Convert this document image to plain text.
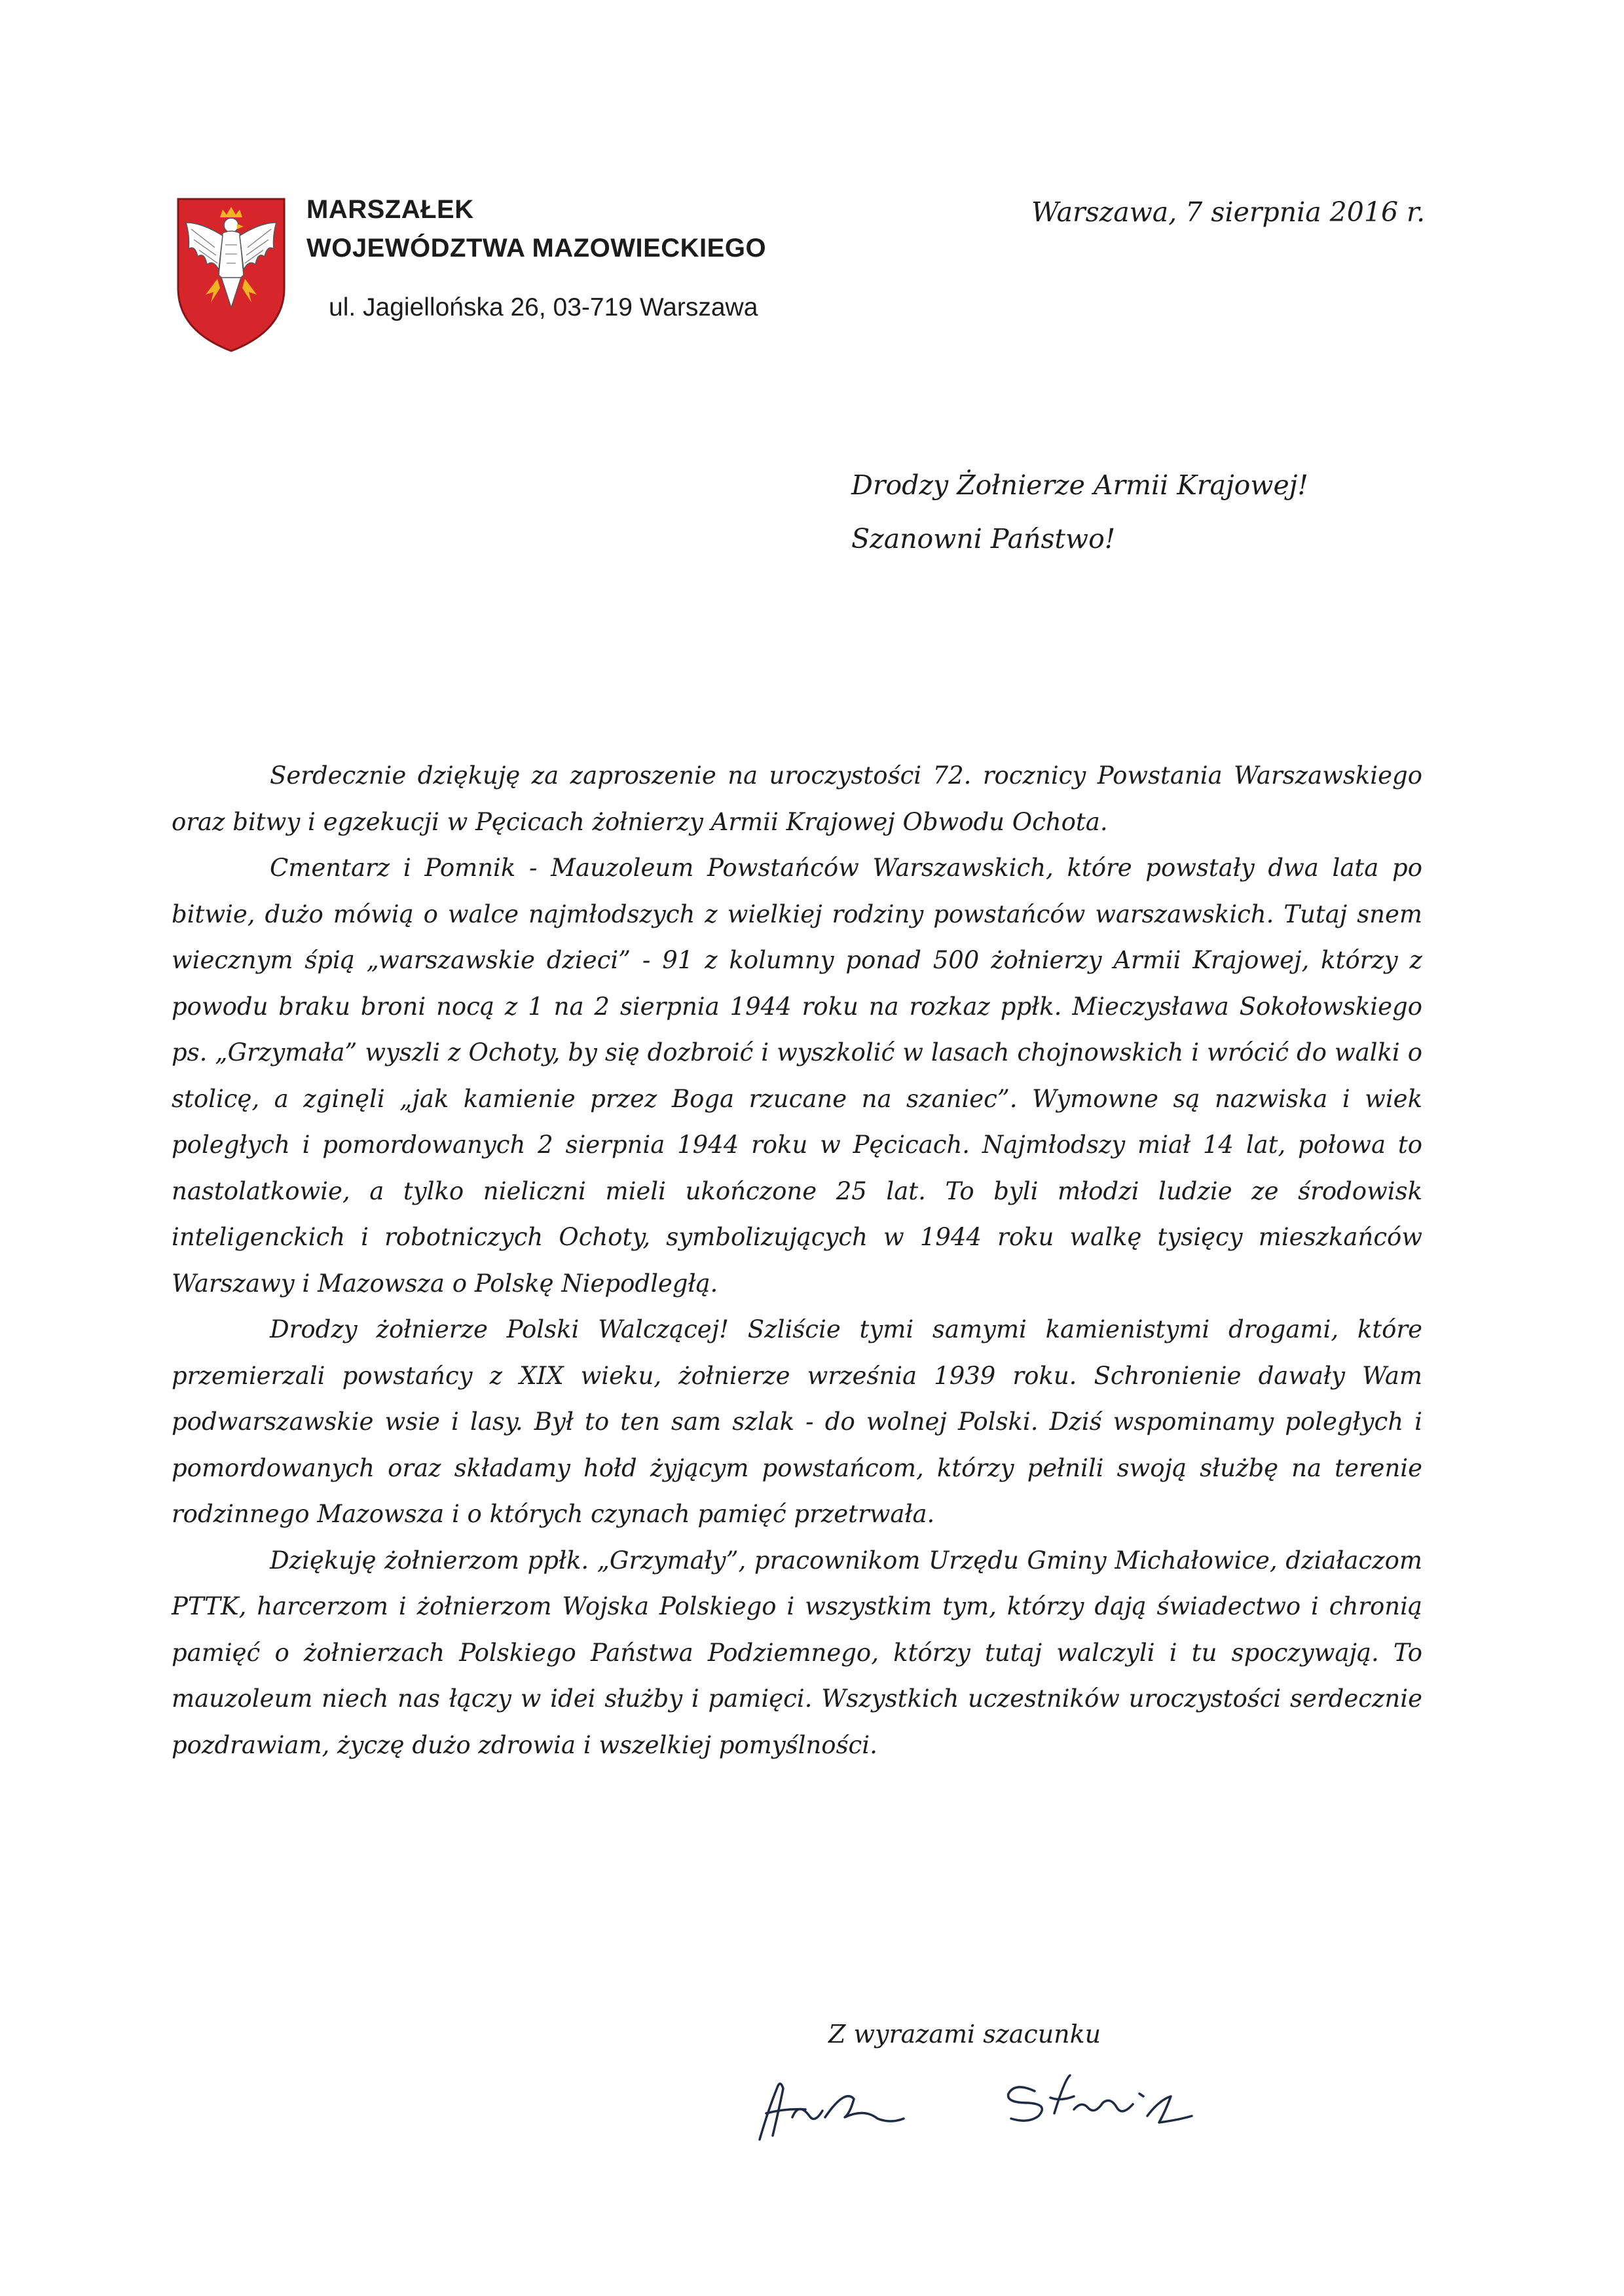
MARSZAŁEK
WOJEWÓDZTWA MAZOWIECKIEGO
ul. Jagiellońska 26, 03-719 Warszawa
Warszawa, 7 sierpnia 2016 r.
Drodzy Żołnierze Armii Krajowej!
Szanowni Państwo!

Serdecznie dziękuję za zaproszenie na uroczystości 72. rocznicy Powstania Warszawskiego oraz bitwy i egzekucji w Pęcicach żołnierzy Armii Krajowej Obwodu Ochota.

Cmentarz i Pomnik - Mauzoleum Powstańców Warszawskich, które powstały dwa lata po bitwie, dużo mówią o walce najmłodszych z wielkiej rodziny powstańców warszawskich. Tutaj snem wiecznym śpią „warszawskie dzieci” - 91 z kolumny ponad 500 żołnierzy Armii Krajowej, którzy z powodu braku broni nocą z 1 na 2 sierpnia 1944 roku na rozkaz ppłk. Mieczysława Sokołowskiego ps. „Grzymała” wyszli z Ochoty, by się dozbroić i wyszkolić w lasach chojnowskich i wrócić do walki o stolicę, a zginęli „jak kamienie przez Boga rzucane na szaniec”. Wymowne są nazwiska i wiek poległych i pomordowanych 2 sierpnia 1944 roku w Pęcicach. Najmłodszy miał 14 lat, połowa to nastolatkowie, a tylko nieliczni mieli ukończone 25 lat. To byli młodzi ludzie ze środowisk inteligenckich i robotniczych Ochoty, symbolizujących w 1944 roku walkę tysięcy mieszkańców Warszawy i Mazowsza o Polskę Niepodległą.

Drodzy żołnierze Polski Walczącej! Szliście tymi samymi kamienistymi drogami, które przemierzali powstańcy z XIX wieku, żołnierze września 1939 roku. Schronienie dawały Wam podwarszawskie wsie i lasy. Był to ten sam szlak - do wolnej Polski. Dziś wspominamy poległych i pomordowanych oraz składamy hołd żyjącym powstańcom, którzy pełnili swoją służbę na terenie rodzinnego Mazowsza i o których czynach pamięć przetrwała.

Dziękuję żołnierzom ppłk. „Grzymały”, pracownikom Urzędu Gminy Michałowice, działaczom PTTK, harcerzom i żołnierzom Wojska Polskiego i wszystkim tym, którzy dają świadectwo i chronią pamięć o żołnierzach Polskiego Państwa Podziemnego, którzy tutaj walczyli i tu spoczywają. To mauzoleum niech nas łączy w idei służby i pamięci. Wszystkich uczestników uroczystości serdecznie pozdrawiam, życzę dużo zdrowia i wszelkiej pomyślności.

Z wyrazami szacunku
